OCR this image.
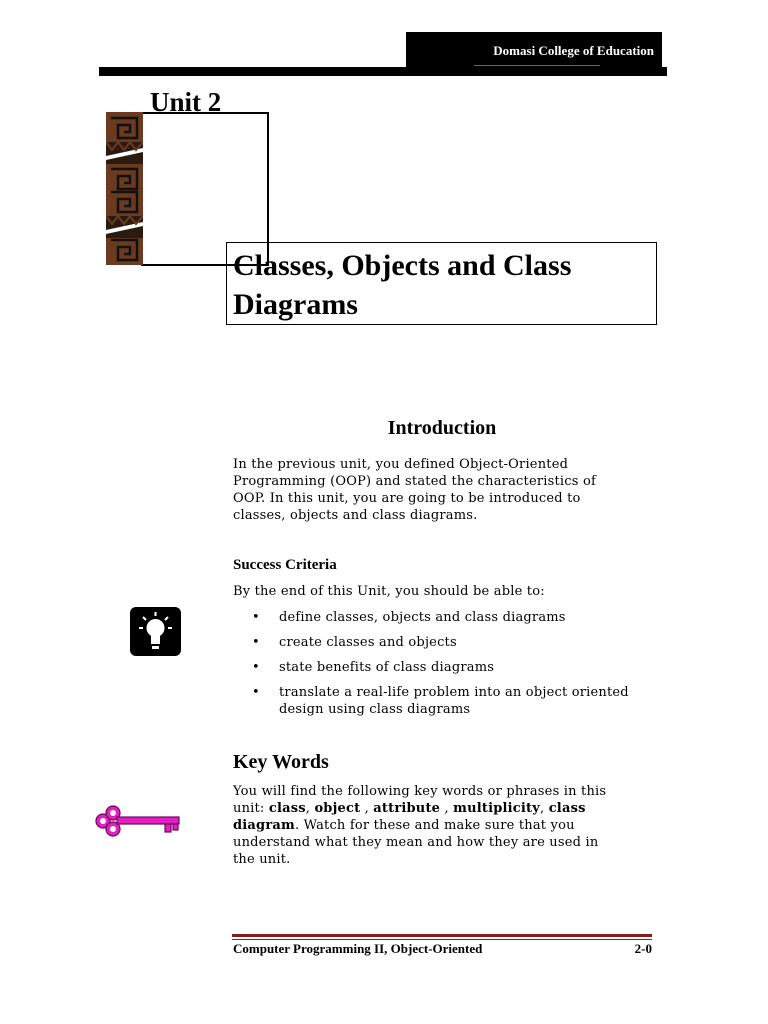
Domasi College of Education
Unit 2
Classes, Objects and Class
Diagrams
Introduction
In the previous unit, you defined Object-Oriented
Programming (OOP) and stated the characteristics of
OOP. In this unit, you are going to be introduced to
classes, objects and class diagrams.
Success Criteria
By the end of this Unit, you should be able to:
• define classes, objects and class diagrams
• create classes and objects
• state benefits of class diagrams
• translate a real-life problem into an object oriented design using class diagrams
Key Words
You will find the following key words or phrases in this
unit: class, object , attribute , multiplicity, class
diagram. Watch for these and make sure that you
understand what they mean and how they are used in
the unit.
Computer Programming II, Object-Oriented	2-0
